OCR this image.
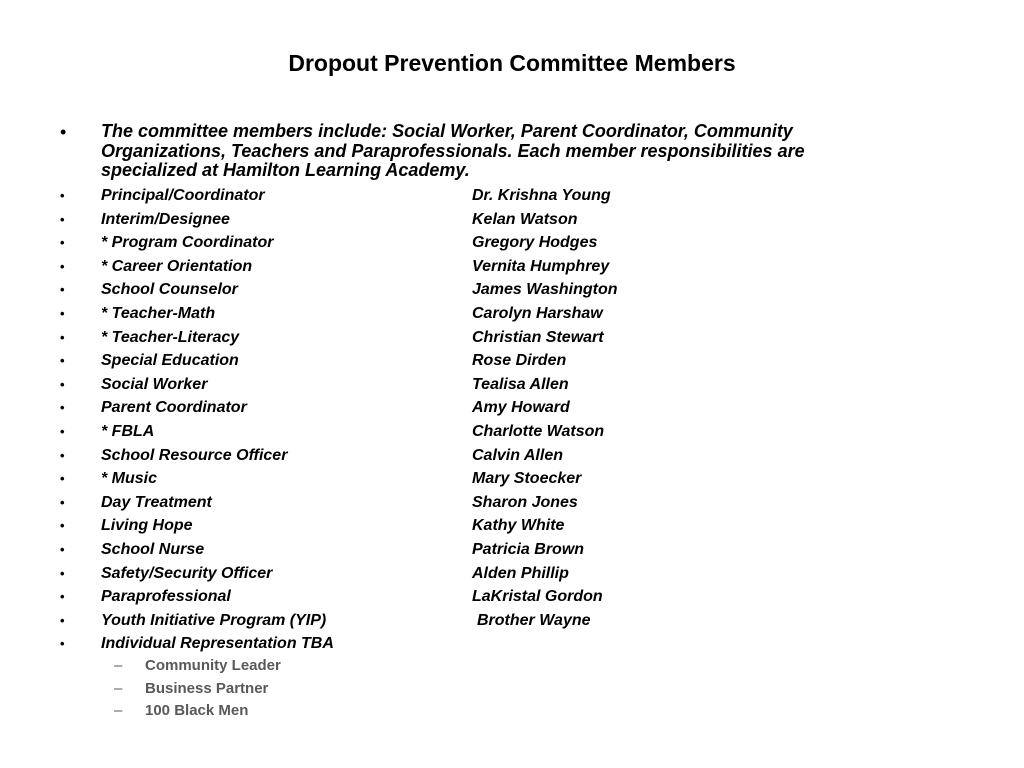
Dropout Prevention Committee Members
• The committee members include: Social Worker, Parent Coordinator, Community Organizations, Teachers and Paraprofessionals. Each member responsibilities are specialized at Hamilton Learning Academy.
• Principal/Coordinator	Dr. Krishna Young
• Interim/Designee	Kelan Watson
• * Program Coordinator	Gregory Hodges
• * Career Orientation	Vernita Humphrey
• School Counselor	James Washington
• * Teacher-Math	Carolyn Harshaw
• * Teacher-Literacy	Christian Stewart
• Special Education	Rose Dirden
• Social Worker	Tealisa Allen
• Parent Coordinator	Amy Howard
• * FBLA	Charlotte Watson
• School Resource Officer	Calvin Allen
• * Music	Mary Stoecker
• Day Treatment	Sharon Jones
• Living Hope	Kathy White
• School Nurse	Patricia Brown
• Safety/Security Officer	Alden Phillip
• Paraprofessional	LaKristal Gordon
• Youth Initiative Program (YIP)	Brother Wayne
• Individual Representation TBA
– Community Leader
– Business Partner
– 100 Black Men
